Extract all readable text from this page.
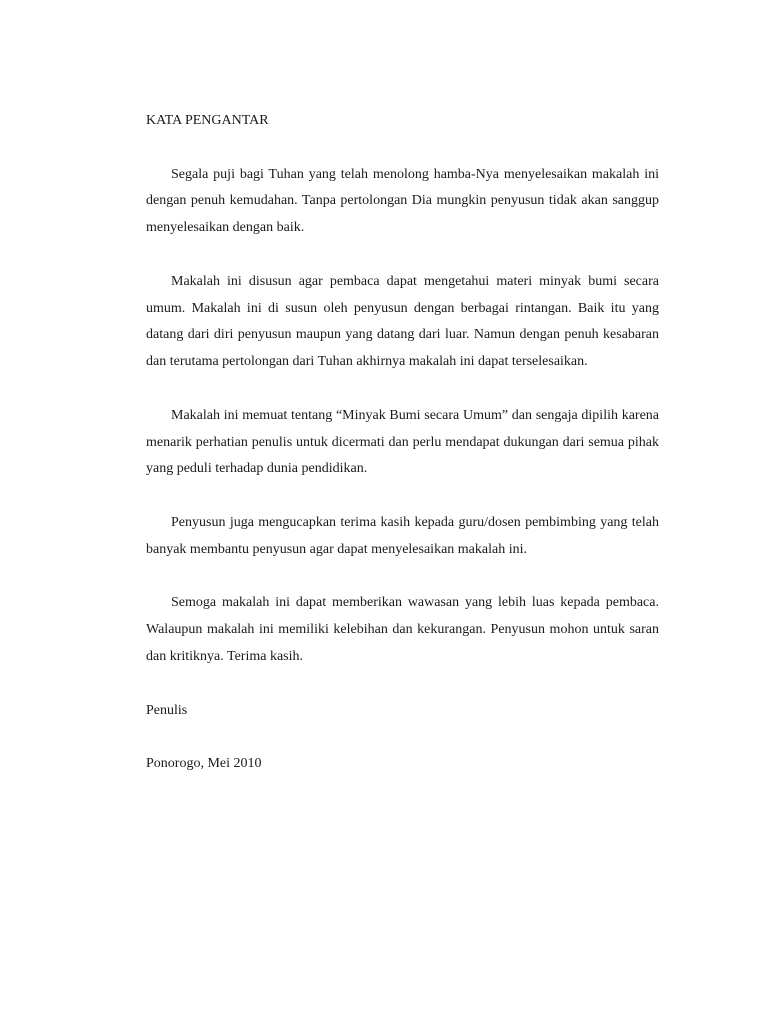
KATA PENGANTAR

Segala puji bagi Tuhan yang telah menolong hamba-Nya menyelesaikan makalah ini dengan penuh kemudahan. Tanpa pertolongan Dia mungkin penyusun tidak akan sanggup menyelesaikan dengan baik.

Makalah ini disusun agar pembaca dapat mengetahui materi minyak bumi secara umum. Makalah ini di susun oleh penyusun dengan berbagai rintangan. Baik itu yang datang dari diri penyusun maupun yang datang dari luar. Namun dengan penuh kesabaran dan terutama pertolongan dari Tuhan akhirnya makalah ini dapat terselesaikan.

Makalah ini memuat tentang “Minyak Bumi secara Umum” dan sengaja dipilih karena menarik perhatian penulis untuk dicermati dan perlu mendapat dukungan dari semua pihak yang peduli terhadap dunia pendidikan.

Penyusun juga mengucapkan terima kasih kepada guru/dosen pembimbing yang telah banyak membantu penyusun agar dapat menyelesaikan makalah ini.

Semoga makalah ini dapat memberikan wawasan yang lebih luas kepada pembaca. Walaupun makalah ini memiliki kelebihan dan kekurangan. Penyusun mohon untuk saran dan kritiknya. Terima kasih.

Penulis

Ponorogo, Mei 2010
